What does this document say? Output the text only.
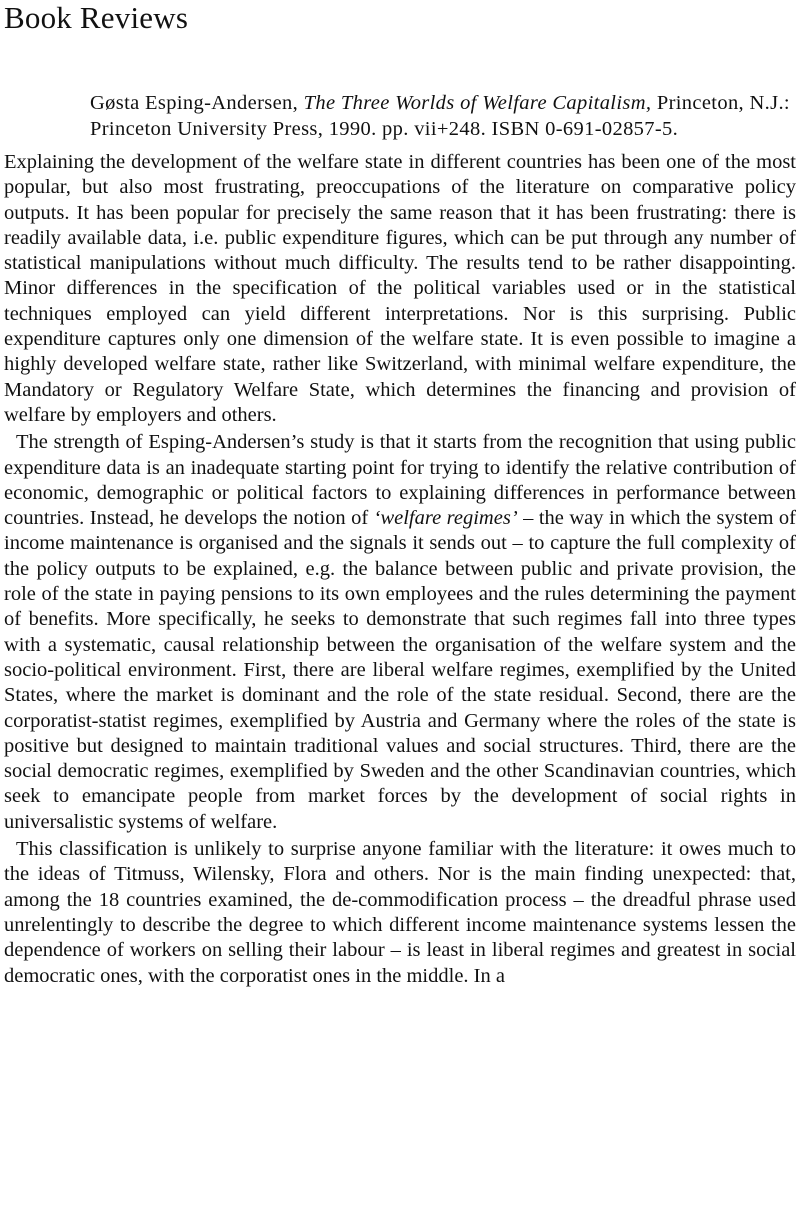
Book Reviews
Gøsta Esping-Andersen, The Three Worlds of Welfare Capitalism, Princeton, N.J.: Princeton University Press, 1990. pp. vii+248. ISBN 0-691-02857-5.

Explaining the development of the welfare state in different countries has been one of the most popular, but also most frustrating, preoccupations of the literature on comparative policy outputs. It has been popular for precisely the same reason that it has been frustrating: there is readily available data, i.e. public expenditure figures, which can be put through any number of statistical manipulations without much difficulty. The results tend to be rather disappointing. Minor differences in the specification of the political variables used or in the statistical techniques employed can yield different interpretations. Nor is this surprising. Public expenditure captures only one dimension of the welfare state. It is even possible to imagine a highly developed welfare state, rather like Switzerland, with minimal welfare expenditure, the Mandatory or Regulatory Welfare State, which determines the financing and provision of welfare by employers and others.

The strength of Esping-Andersen’s study is that it starts from the recognition that using public expenditure data is an inadequate starting point for trying to identify the relative contribution of economic, demographic or political factors to explaining differences in performance between countries. Instead, he develops the notion of ‘welfare regimes’ – the way in which the system of income maintenance is organised and the signals it sends out – to capture the full complexity of the policy outputs to be explained, e.g. the balance between public and private provision, the role of the state in paying pensions to its own employees and the rules determining the payment of benefits. More specifically, he seeks to demonstrate that such regimes fall into three types with a systematic, causal relationship between the organisation of the welfare system and the socio-political environment. First, there are liberal welfare regimes, exemplified by the United States, where the market is dominant and the role of the state residual. Second, there are the corporatist-statist regimes, exemplified by Austria and Germany where the roles of the state is positive but designed to maintain traditional values and social structures. Third, there are the social democratic regimes, exemplified by Sweden and the other Scandinavian countries, which seek to emancipate people from market forces by the development of social rights in universalistic systems of welfare.

This classification is unlikely to surprise anyone familiar with the literature: it owes much to the ideas of Titmuss, Wilensky, Flora and others. Nor is the main finding unexpected: that, among the 18 countries examined, the de-commodification process – the dreadful phrase used unrelentingly to describe the degree to which different income maintenance systems lessen the dependence of workers on selling their labour – is least in liberal regimes and greatest in social democratic ones, with the corporatist ones in the middle. In a
